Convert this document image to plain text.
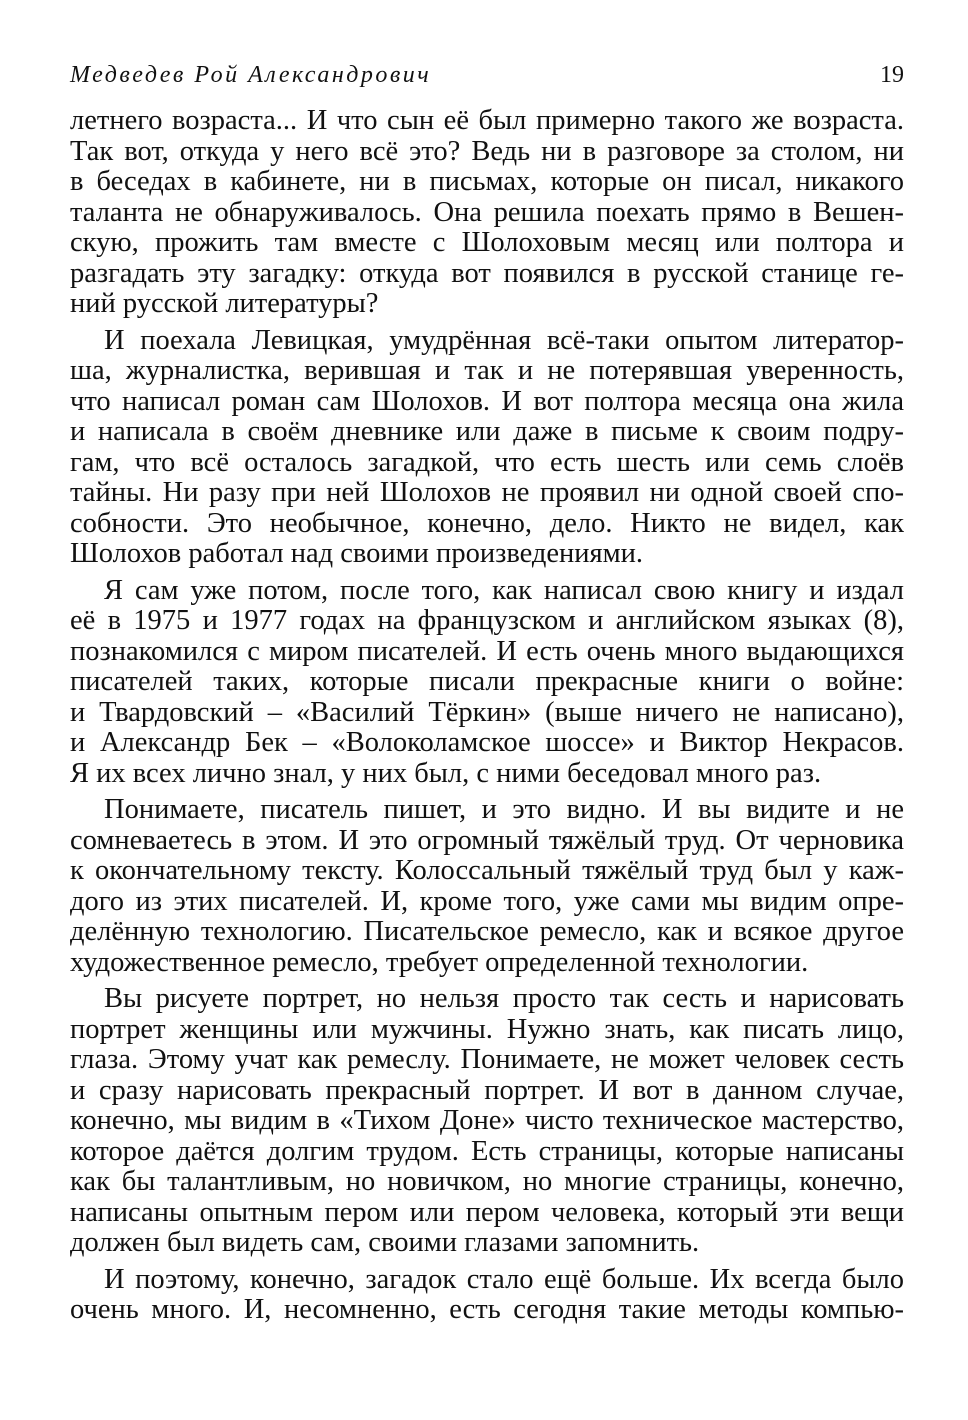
Медведев Рой Александрович	19
летнего возраста... И что сын её был примерно такого же возраста.
Так вот, откуда у него всё это? Ведь ни в разговоре за столом, ни
в беседах в кабинете, ни в письмах, которые он писал, никакого
таланта не обнаруживалось. Она решила поехать прямо в Вешен-
скую, прожить там вместе с Шолоховым месяц или полтора и
разгадать эту загадку: откуда вот появился в русской станице ге-
ний русской литературы?
И поехала Левицкая, умудрённая всё-таки опытом литератор-
ша, журналистка, верившая и так и не потерявшая уверенность,
что написал роман сам Шолохов. И вот полтора месяца она жила
и написала в своём дневнике или даже в письме к своим подру-
гам, что всё осталось загадкой, что есть шесть или семь слоёв
тайны. Ни разу при ней Шолохов не проявил ни одной своей спо-
собности. Это необычное, конечно, дело. Никто не видел, как
Шолохов работал над своими произведениями.
Я сам уже потом, после того, как написал свою книгу и издал
её в 1975 и 1977 годах на французском и английском языках (8),
познакомился с миром писателей. И есть очень много выдающихся
писателей таких, которые писали прекрасные книги о войне:
и Твардовский – «Василий Тёркин» (выше ничего не написано),
и Александр Бек – «Волоколамское шоссе» и Виктор Некрасов.
Я их всех лично знал, у них был, с ними беседовал много раз.
Понимаете, писатель пишет, и это видно. И вы видите и не
сомневаетесь в этом. И это огромный тяжёлый труд. От черновика
к окончательному тексту. Колоссальный тяжёлый труд был у каж-
дого из этих писателей. И, кроме того, уже сами мы видим опре-
делённую технологию. Писательское ремесло, как и всякое другое
художественное ремесло, требует определенной технологии.
Вы рисуете портрет, но нельзя просто так сесть и нарисовать
портрет женщины или мужчины. Нужно знать, как писать лицо,
глаза. Этому учат как ремеслу. Понимаете, не может человек сесть
и сразу нарисовать прекрасный портрет. И вот в данном случае,
конечно, мы видим в «Тихом Доне» чисто техническое мастерство,
которое даётся долгим трудом. Есть страницы, которые написаны
как бы талантливым, но новичком, но многие страницы, конечно,
написаны опытным пером или пером человека, который эти вещи
должен был видеть сам, своими глазами запомнить.
И поэтому, конечно, загадок стало ещё больше. Их всегда было
очень много. И, несомненно, есть сегодня такие методы компью-
